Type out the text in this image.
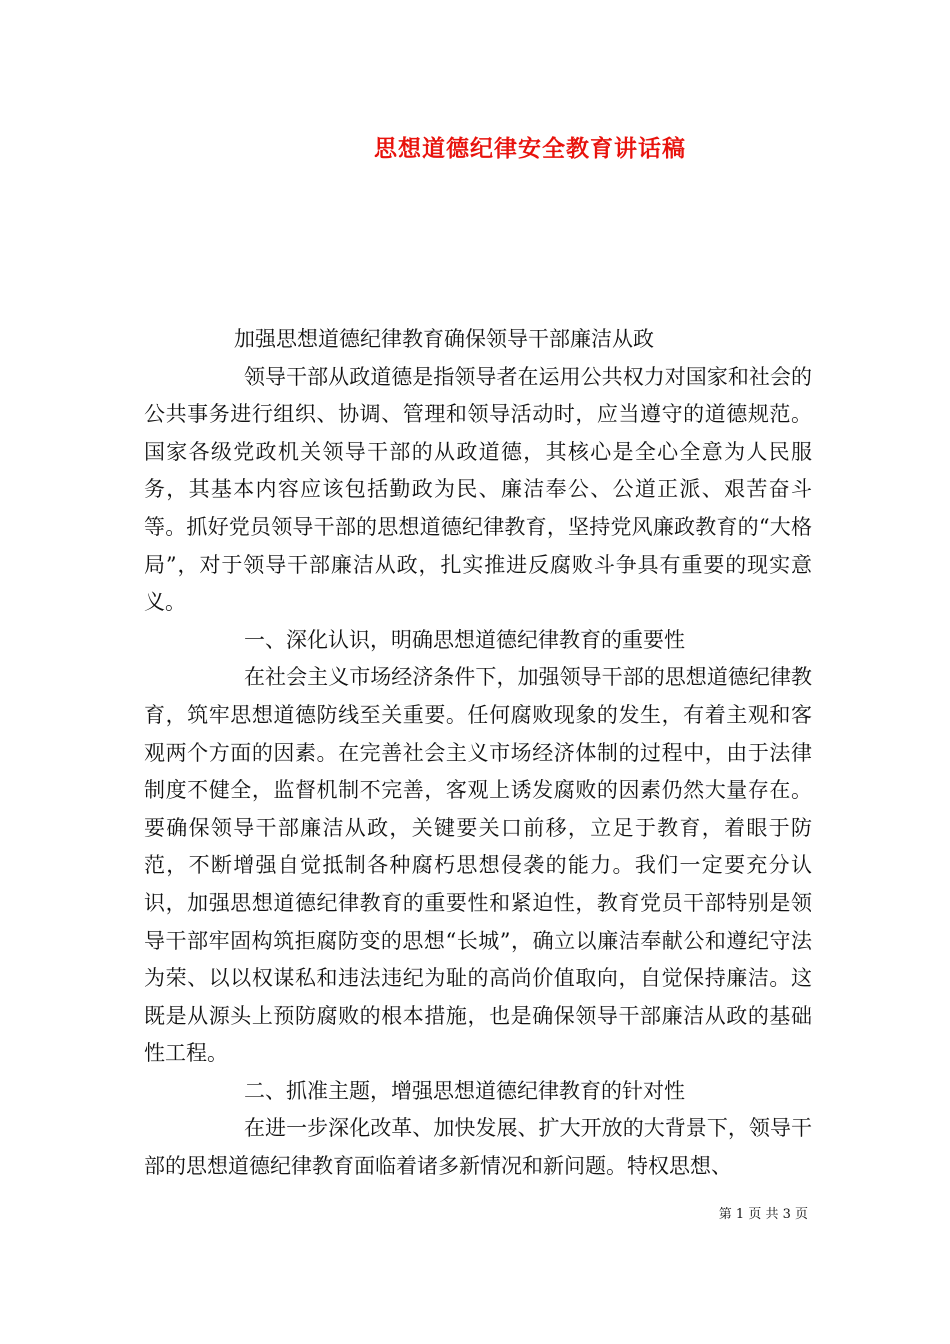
思想道德纪律安全教育讲话稿

加强思想道德纪律教育确保领导干部廉洁从政

领导干部从政道德是指领导者在运用公共权力对国家和社会的公共事务进行组织、协调、管理和领导活动时，应当遵守的道德规范。国家各级党政机关领导干部的从政道德，其核心是全心全意为人民服务，其基本内容应该包括勤政为民、廉洁奉公、公道正派、艰苦奋斗等。抓好党员领导干部的思想道德纪律教育，坚持党风廉政教育的“大格局”，对于领导干部廉洁从政，扎实推进反腐败斗争具有重要的现实意义。

一、深化认识，明确思想道德纪律教育的重要性

在社会主义市场经济条件下，加强领导干部的思想道德纪律教育，筑牢思想道德防线至关重要。任何腐败现象的发生，有着主观和客观两个方面的因素。在完善社会主义市场经济体制的过程中，由于法律制度不健全，监督机制不完善，客观上诱发腐败的因素仍然大量存在。要确保领导干部廉洁从政，关键要关口前移，立足于教育，着眼于防范，不断增强自觉抵制各种腐朽思想侵袭的能力。我们一定要充分认识，加强思想道德纪律教育的重要性和紧迫性，教育党员干部特别是领导干部牢固构筑拒腐防变的思想“长城”，确立以廉洁奉献公和遵纪守法为荣、以以权谋私和违法违纪为耻的高尚价值取向，自觉保持廉洁。这既是从源头上预防腐败的根本措施，也是确保领导干部廉洁从政的基础性工程。

二、抓准主题，增强思想道德纪律教育的针对性

在进一步深化改革、加快发展、扩大开放的大背景下，领导干部的思想道德纪律教育面临着诸多新情况和新问题。特权思想、

第 1 页 共 3 页
